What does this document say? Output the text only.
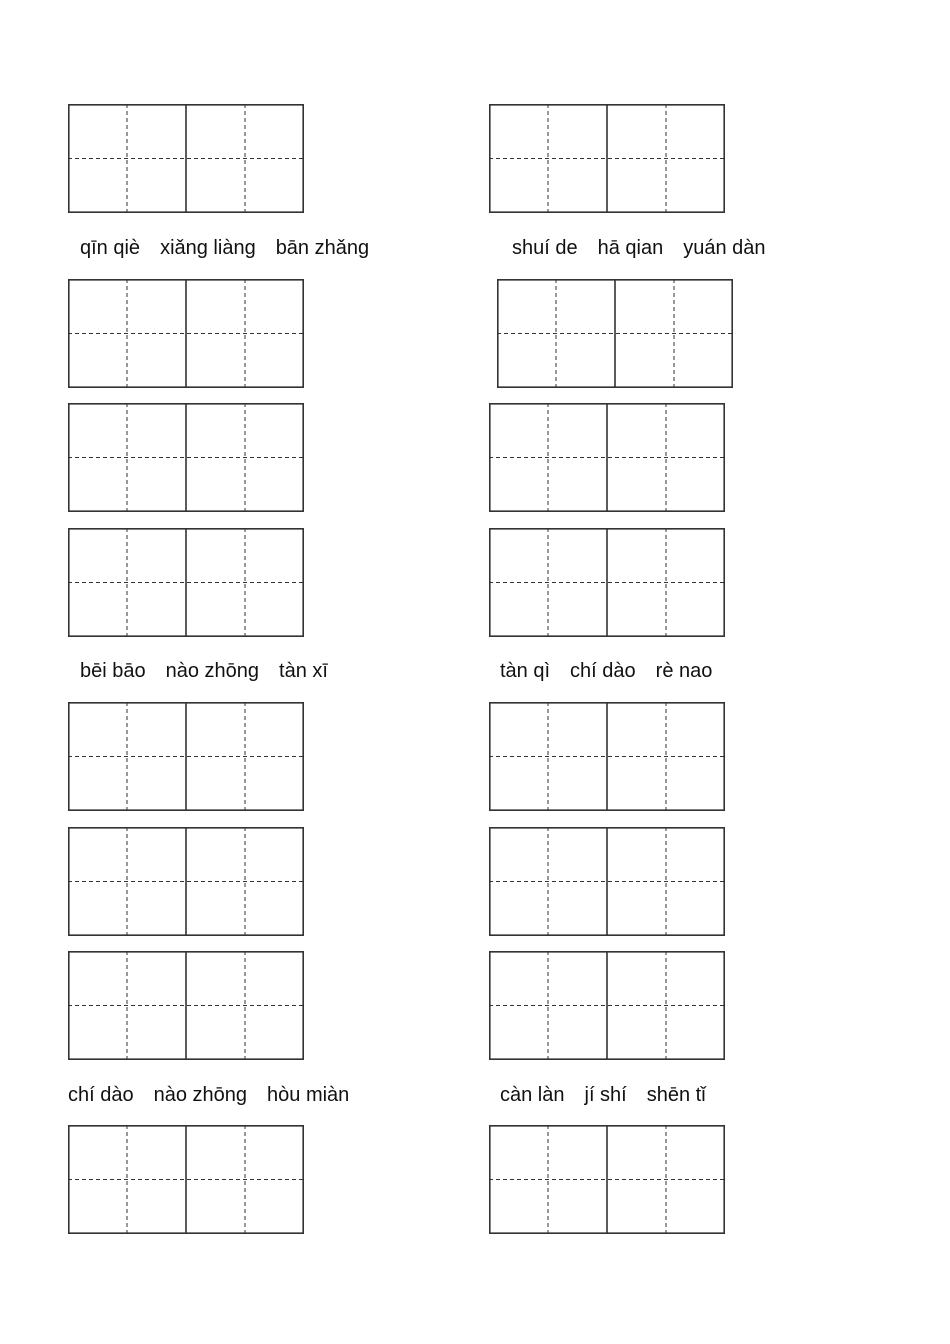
qīn qiè xiǎng liàng bān zhǎng	shuí de hā qian yuán dàn
bēi bāo nào zhōng tàn xī	tàn qì chí dào rè nao
chí dào nào zhōng hòu miàn	càn làn jí shí shēn tǐ
